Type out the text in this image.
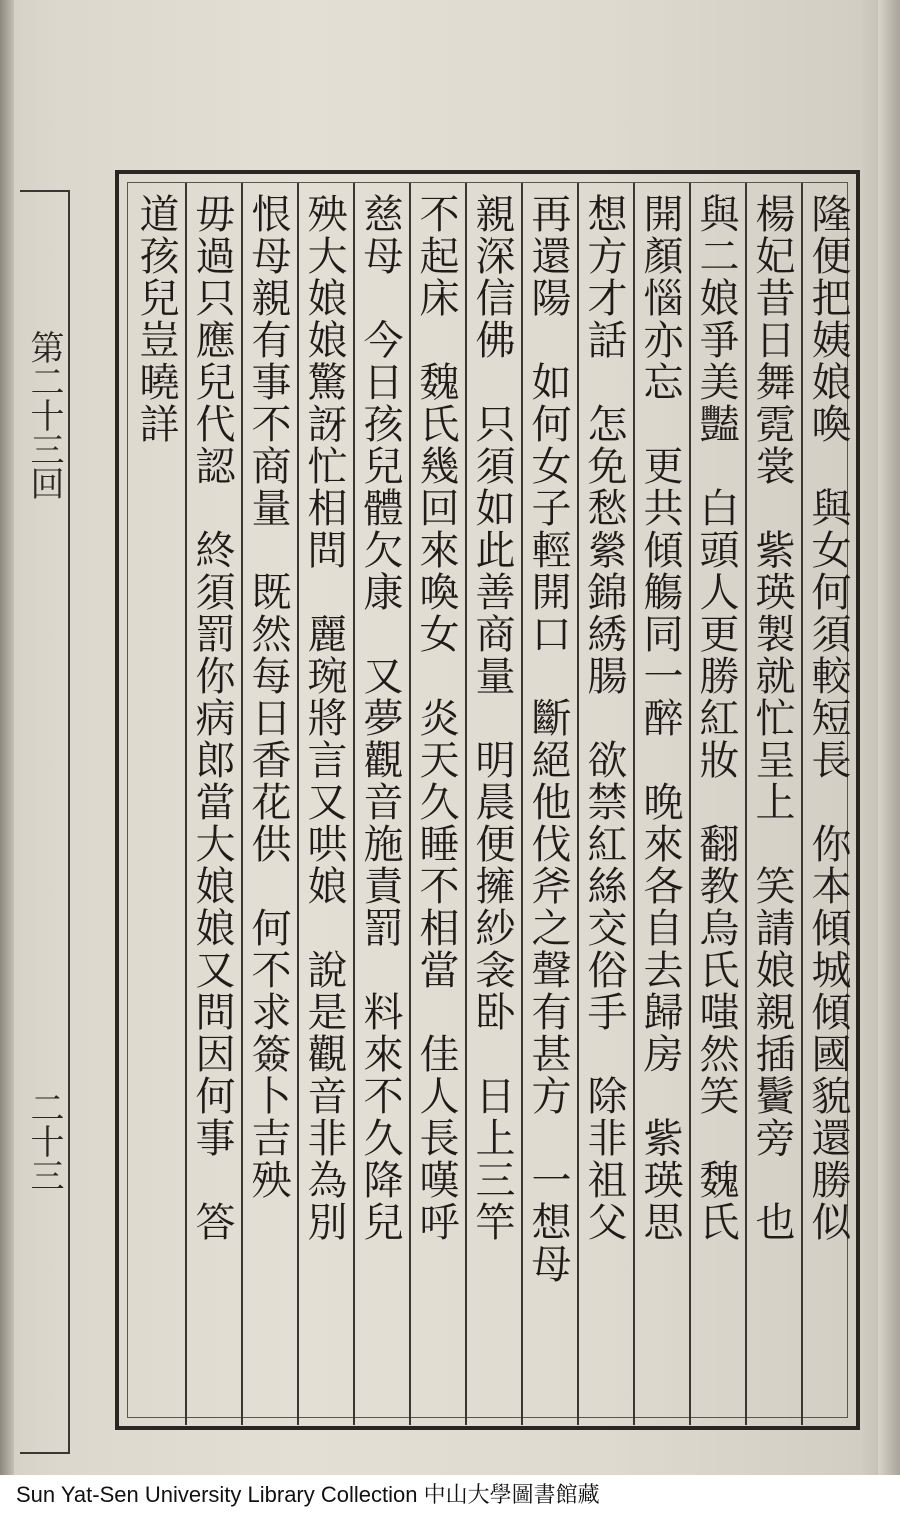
第二十三回
二十三	隆便把姨娘喚　與女何須較短長　你本傾城傾國貌還勝似
楊妃昔日舞霓裳　紫瑛製就忙呈上　笑請娘親插鬢旁　也
與二娘爭美豔　白頭人更勝紅妝　翻教烏氏嗤然笑　魏氏
開顏惱亦忘　更共傾觴同一醉　晚來各自去歸房　紫瑛思
想方才話　怎免愁縈錦綉腸　欲禁紅絲交俗手　除非祖父
再還陽　如何女子輕開口　斷絕他伐斧之聲有甚方　一想母
親深信佛　只須如此善商量　明晨便擁紗衾卧　日上三竿
不起床　魏氏幾回來喚女　炎天久睡不相當　佳人長嘆呼
慈母　今日孩兒體欠康　又夢觀音施責罰　料來不久降兒
殃大娘娘驚訝忙相問　麗琬將言又哄娘　說是觀音非為別
恨母親有事不商量　既然每日香花供　何不求簽卜吉殃
毋過只應兒代認　終須罰你病郎當大娘娘又問因何事　答
道孩兒豈曉詳
Sun Yat-Sen University Library Collection 中山大學圖書館藏
